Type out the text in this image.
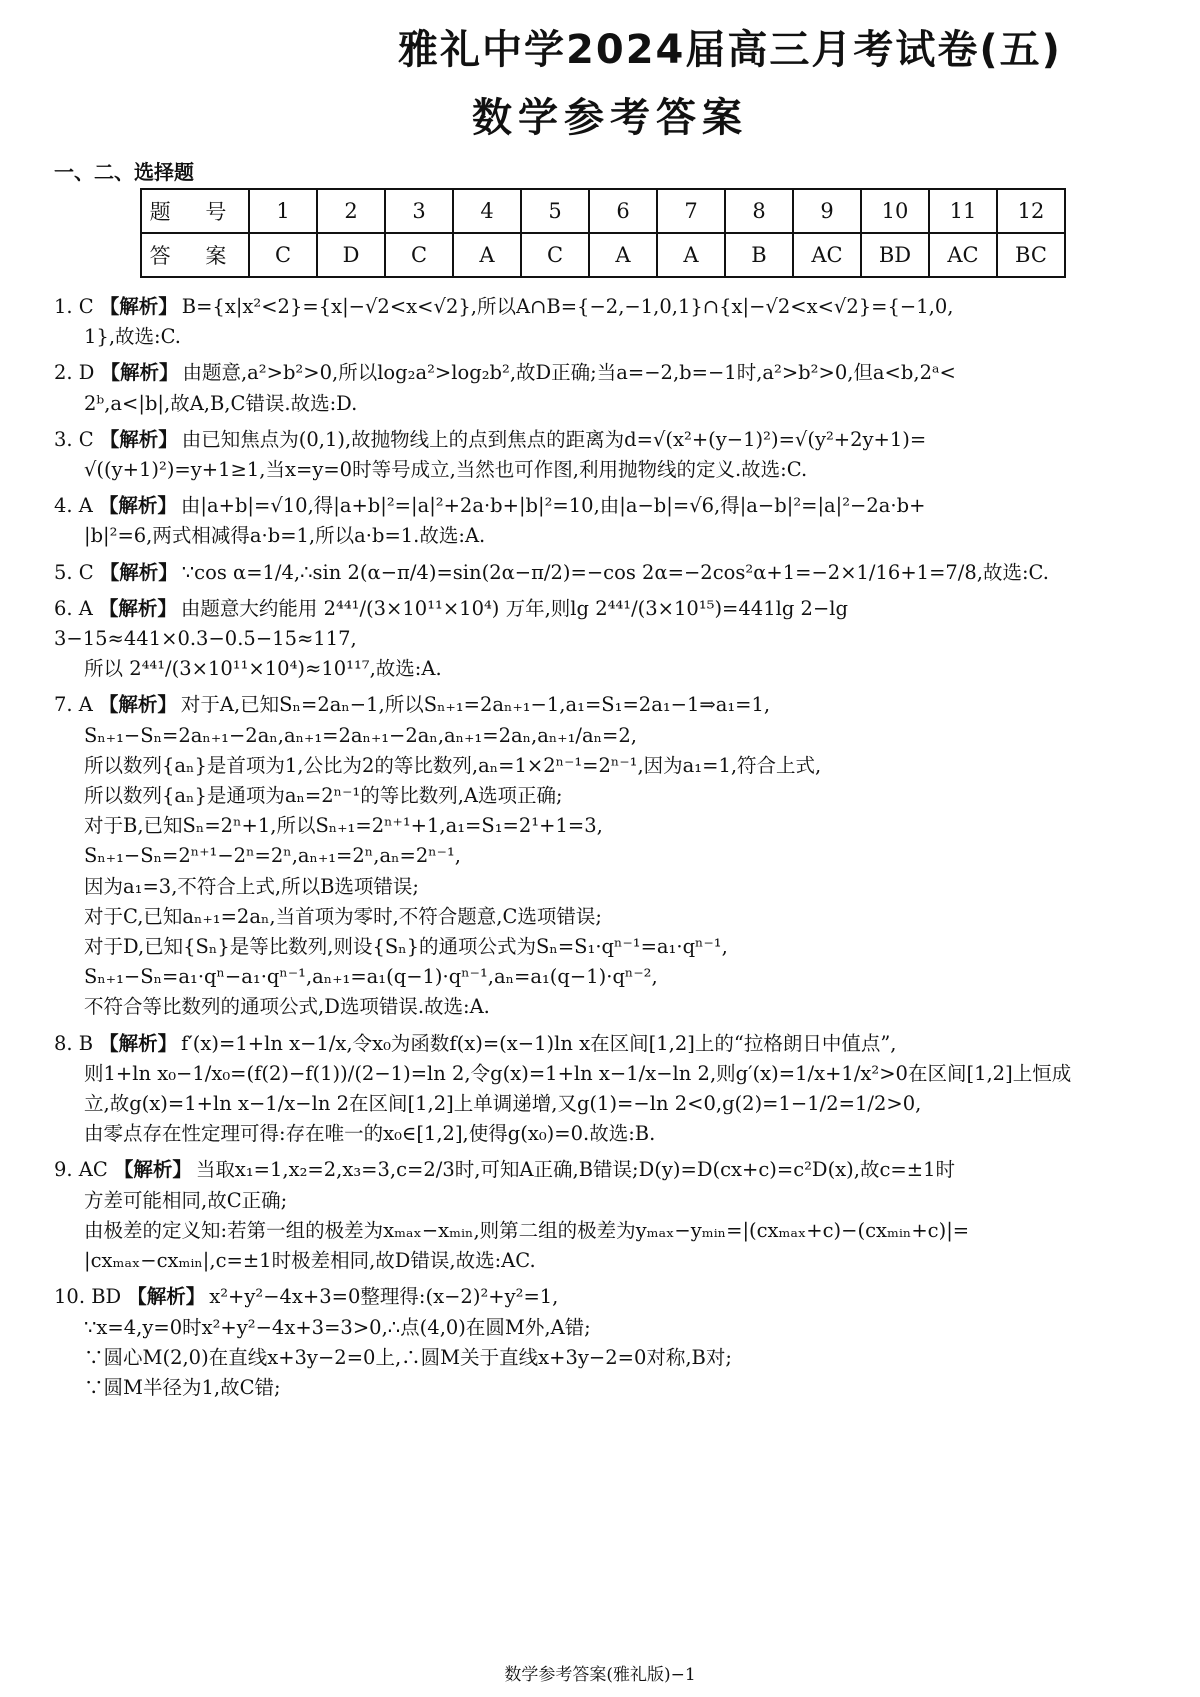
雅礼中学2024届高三月考试卷(五)
数学参考答案
一、二、选择题
题 号	1	2	3	4	5	6	7	8	9	10	11	12
答 案	C	D	C	A	C	A	A	B	AC	BD	AC	BC

1. C 【解析】 B={x|x²<2}={x|−√2<x<√2},所以A∩B={−2,−1,0,1}∩{x|−√2<x<√2}={−1,0,
1},故选:C.

2. D 【解析】 由题意,a²>b²>0,所以log₂a²>log₂b²,故D正确;当a=−2,b=−1时,a²>b²>0,但a<b,2ᵃ<
2ᵇ,a<|b|,故A,B,C错误.故选:D.

3. C 【解析】 由已知焦点为(0,1),故抛物线上的点到焦点的距离为d=√(x²+(y−1)²)=√(y²+2y+1)=
√((y+1)²)=y+1≥1,当x=y=0时等号成立,当然也可作图,利用抛物线的定义.故选:C.

4. A 【解析】 由|a+b|=√10,得|a+b|²=|a|²+2a·b+|b|²=10,由|a−b|=√6,得|a−b|²=|a|²−2a·b+
|b|²=6,两式相减得a·b=1,所以a·b=1.故选:A.

5. C 【解析】 ∵cos α=1/4,∴sin 2(α−π/4)=sin(2α−π/2)=−cos 2α=−2cos²α+1=−2×1/16+1=7/8,故选:C.

6. A 【解析】 由题意大约能用 2⁴⁴¹/(3×10¹¹×10⁴) 万年,则lg 2⁴⁴¹/(3×10¹⁵)=441lg 2−lg 3−15≈441×0.3−0.5−15≈117,
所以 2⁴⁴¹/(3×10¹¹×10⁴)≈10¹¹⁷,故选:A.

7. A 【解析】 对于A,已知Sₙ=2aₙ−1,所以Sₙ₊₁=2aₙ₊₁−1,a₁=S₁=2a₁−1⇒a₁=1,
Sₙ₊₁−Sₙ=2aₙ₊₁−2aₙ,aₙ₊₁=2aₙ₊₁−2aₙ,aₙ₊₁=2aₙ,aₙ₊₁/aₙ=2,
所以数列{aₙ}是首项为1,公比为2的等比数列,aₙ=1×2ⁿ⁻¹=2ⁿ⁻¹,因为a₁=1,符合上式,
所以数列{aₙ}是通项为aₙ=2ⁿ⁻¹的等比数列,A选项正确;
对于B,已知Sₙ=2ⁿ+1,所以Sₙ₊₁=2ⁿ⁺¹+1,a₁=S₁=2¹+1=3,
Sₙ₊₁−Sₙ=2ⁿ⁺¹−2ⁿ=2ⁿ,aₙ₊₁=2ⁿ,aₙ=2ⁿ⁻¹,
因为a₁=3,不符合上式,所以B选项错误;
对于C,已知aₙ₊₁=2aₙ,当首项为零时,不符合题意,C选项错误;
对于D,已知{Sₙ}是等比数列,则设{Sₙ}的通项公式为Sₙ=S₁·qⁿ⁻¹=a₁·qⁿ⁻¹,
Sₙ₊₁−Sₙ=a₁·qⁿ−a₁·qⁿ⁻¹,aₙ₊₁=a₁(q−1)·qⁿ⁻¹,aₙ=a₁(q−1)·qⁿ⁻²,
不符合等比数列的通项公式,D选项错误.故选:A.

8. B 【解析】 f′(x)=1+ln x−1/x,令x₀为函数f(x)=(x−1)ln x在区间[1,2]上的“拉格朗日中值点”,
则1+ln x₀−1/x₀=(f(2)−f(1))/(2−1)=ln 2,令g(x)=1+ln x−1/x−ln 2,则g′(x)=1/x+1/x²>0在区间[1,2]上恒成
立,故g(x)=1+ln x−1/x−ln 2在区间[1,2]上单调递增,又g(1)=−ln 2<0,g(2)=1−1/2=1/2>0,
由零点存在性定理可得:存在唯一的x₀∈[1,2],使得g(x₀)=0.故选:B.

9. AC 【解析】 当取x₁=1,x₂=2,x₃=3,c=2/3时,可知A正确,B错误;D(y)=D(cx+c)=c²D(x),故c=±1时
方差可能相同,故C正确;
由极差的定义知:若第一组的极差为xₘₐₓ−xₘᵢₙ,则第二组的极差为yₘₐₓ−yₘᵢₙ=|(cxₘₐₓ+c)−(cxₘᵢₙ+c)|=
|cxₘₐₓ−cxₘᵢₙ|,c=±1时极差相同,故D错误,故选:AC.

10. BD 【解析】 x²+y²−4x+3=0整理得:(x−2)²+y²=1,
∵x=4,y=0时x²+y²−4x+3=3>0,∴点(4,0)在圆M外,A错;
∵圆心M(2,0)在直线x+3y−2=0上,∴圆M关于直线x+3y−2=0对称,B对;
∵圆M半径为1,故C错;

数学参考答案(雅礼版)−1
